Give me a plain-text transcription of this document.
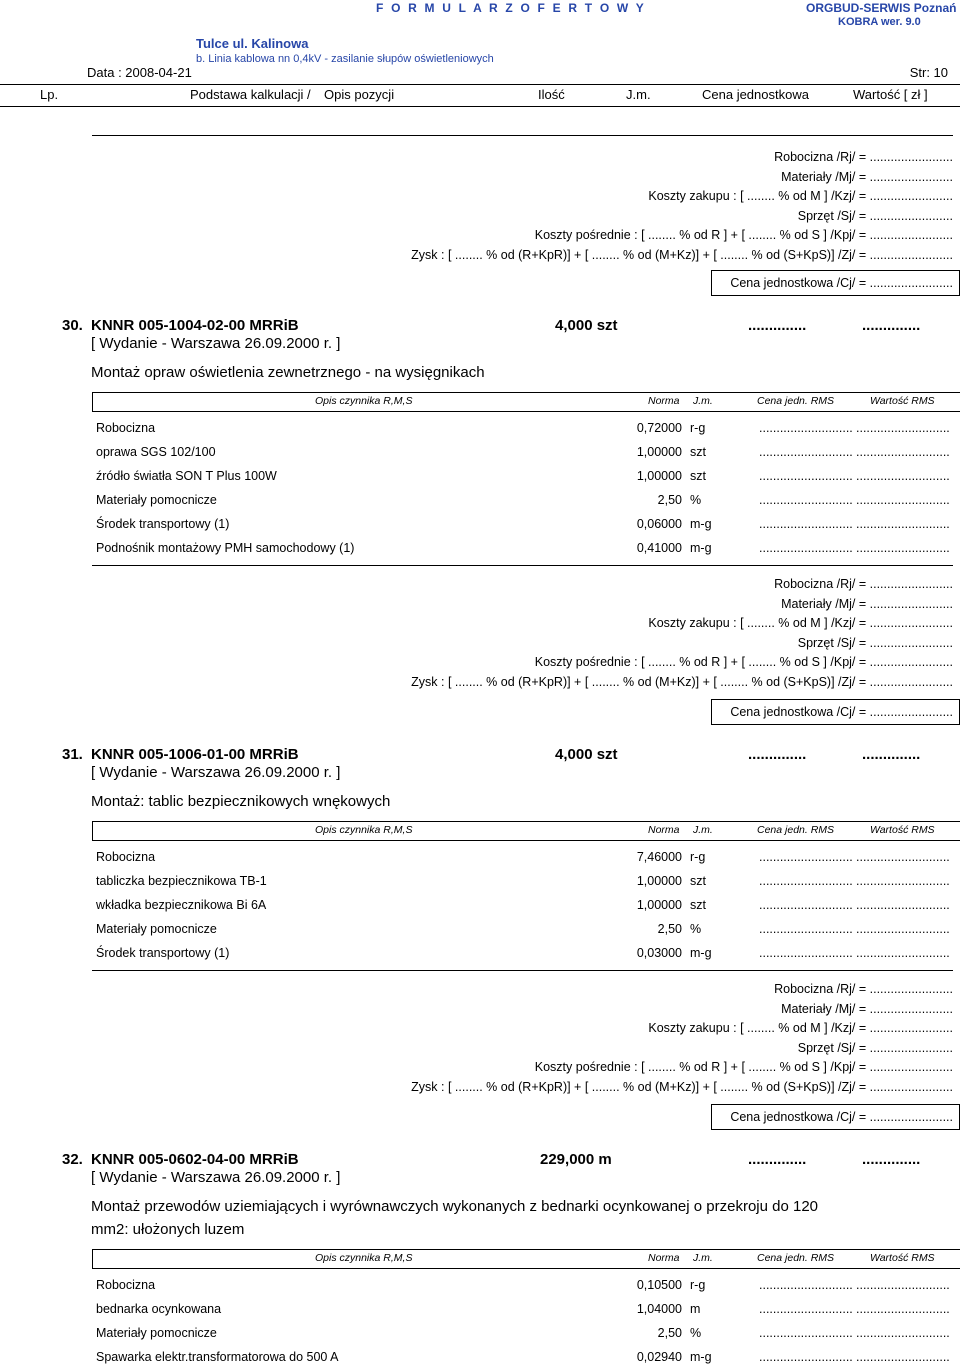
F O R M U L A R Z O F E R T O W Y	ORGBUD-SERWIS Poznań
KOBRA wer. 9.0
Tulce ul. Kalinowa
b. Linia kablowa nn 0,4kV - zasilanie słupów oświetleniowych
Data : 2008-04-21	Str: 10
Lp.	Podstawa kalkulacji / Opis pozycji	Ilość	J.m.	Cena jednostkowa	Wartość [ zł ]
Robocizna /Rj/ = ........................
Materiały /Mj/ = ........................
Koszty zakupu : [ ........ % od M ] /Kzj/ = ........................
Sprzęt /Sj/ = ........................
Koszty pośrednie : [ ........ % od R ] + [ ........ % od S ] /Kpj/ = ........................
Zysk : [ ........ % od (R+KpR)] + [ ........ % od (M+Kz)] + [ ........ % od (S+KpS)] /Zj/ = ........................
Cena jednostkowa /Cj/ = ........................
30. KNNR 005-1004-02-00 MRRiB	4,000 szt	..............	..............
[ Wydanie - Warszawa 26.09.2000 r. ]
Montaż opraw oświetlenia zewnetrznego - na wysięgnikach
Opis czynnika R,M,S	Norma J.m.	Cena jedn. RMS	Wartość RMS
Robocizna	0,72000 r-g	........................... ...........................
oprawa SGS 102/100	1,00000 szt	........................... ...........................
źródło światła SON T Plus 100W	1,00000 szt	........................... ...........................
Materiały pomocnicze	2,50 %	........................... ...........................
Środek transportowy (1)	0,06000 m-g	........................... ...........................
Podnośnik montażowy PMH samochodowy (1)	0,41000 m-g	........................... ...........................
Robocizna /Rj/ = ........................
Materiały /Mj/ = ........................
Koszty zakupu : [ ........ % od M ] /Kzj/ = ........................
Sprzęt /Sj/ = ........................
Koszty pośrednie : [ ........ % od R ] + [ ........ % od S ] /Kpj/ = ........................
Zysk : [ ........ % od (R+KpR)] + [ ........ % od (M+Kz)] + [ ........ % od (S+KpS)] /Zj/ = ........................
Cena jednostkowa /Cj/ = ........................
31. KNNR 005-1006-01-00 MRRiB	4,000 szt	..............	..............
[ Wydanie - Warszawa 26.09.2000 r. ]
Montaż: tablic bezpiecznikowych wnękowych
Opis czynnika R,M,S	Norma J.m.	Cena jedn. RMS	Wartość RMS
Robocizna	7,46000 r-g	........................... ...........................
tabliczka bezpiecznikowa TB-1	1,00000 szt	........................... ...........................
wkładka bezpiecznikowa Bi 6A	1,00000 szt	........................... ...........................
Materiały pomocnicze	2,50 %	........................... ...........................
Środek transportowy (1)	0,03000 m-g	........................... ...........................
Robocizna /Rj/ = ........................
Materiały /Mj/ = ........................
Koszty zakupu : [ ........ % od M ] /Kzj/ = ........................
Sprzęt /Sj/ = ........................
Koszty pośrednie : [ ........ % od R ] + [ ........ % od S ] /Kpj/ = ........................
Zysk : [ ........ % od (R+KpR)] + [ ........ % od (M+Kz)] + [ ........ % od (S+KpS)] /Zj/ = ........................
Cena jednostkowa /Cj/ = ........................
32. KNNR 005-0602-04-00 MRRiB	229,000 m	..............	..............
[ Wydanie - Warszawa 26.09.2000 r. ]
Montaż przewodów uziemiających i wyrównawczych wykonanych z bednarki ocynkowanej o przekroju do 120
mm2: ułożonych luzem
Opis czynnika R,M,S	Norma J.m.	Cena jedn. RMS	Wartość RMS
Robocizna	0,10500 r-g	........................... ...........................
bednarka ocynkowana	1,04000 m	........................... ...........................
Materiały pomocnicze	2,50 %	........................... ...........................
Spawarka elektr.transformatorowa do 500 A	0,02940 m-g	........................... ...........................
